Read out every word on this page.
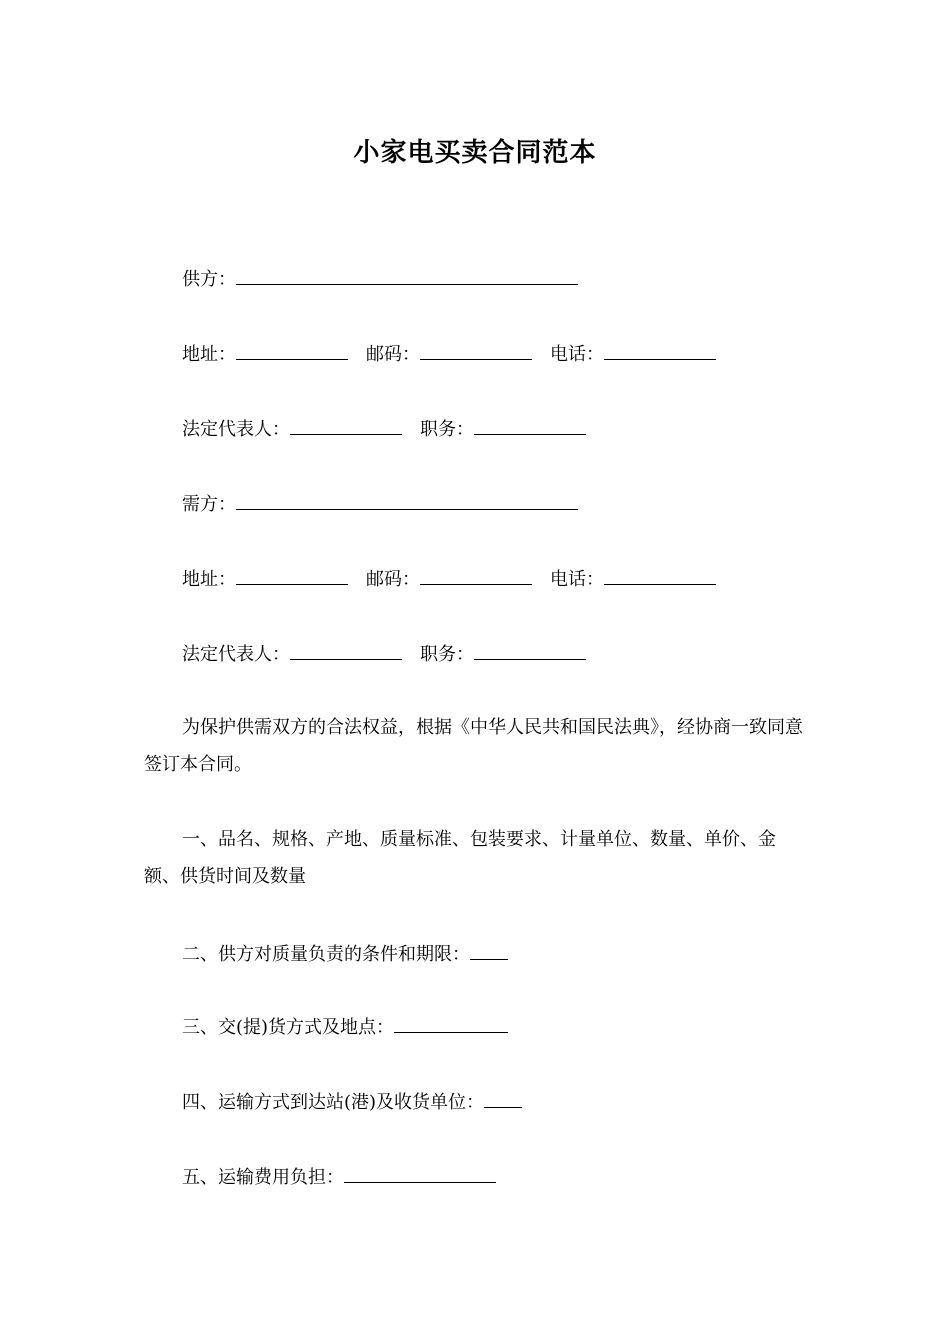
小家电买卖合同范本
供方：
地址：	邮码：	电话：
法定代表人：	职务：
需方：
地址：	邮码：	电话：
法定代表人：	职务：
为保护供需双方的合法权益，根据《中华人民共和国民法典》，经协商一致同意签订本合同。
一、品名、规格、产地、质量标准、包装要求、计量单位、数量、单价、金额、供货时间及数量
二、供方对质量负责的条件和期限：
三、交(提)货方式及地点：
四、运输方式到达站(港)及收货单位：
五、运输费用负担：
